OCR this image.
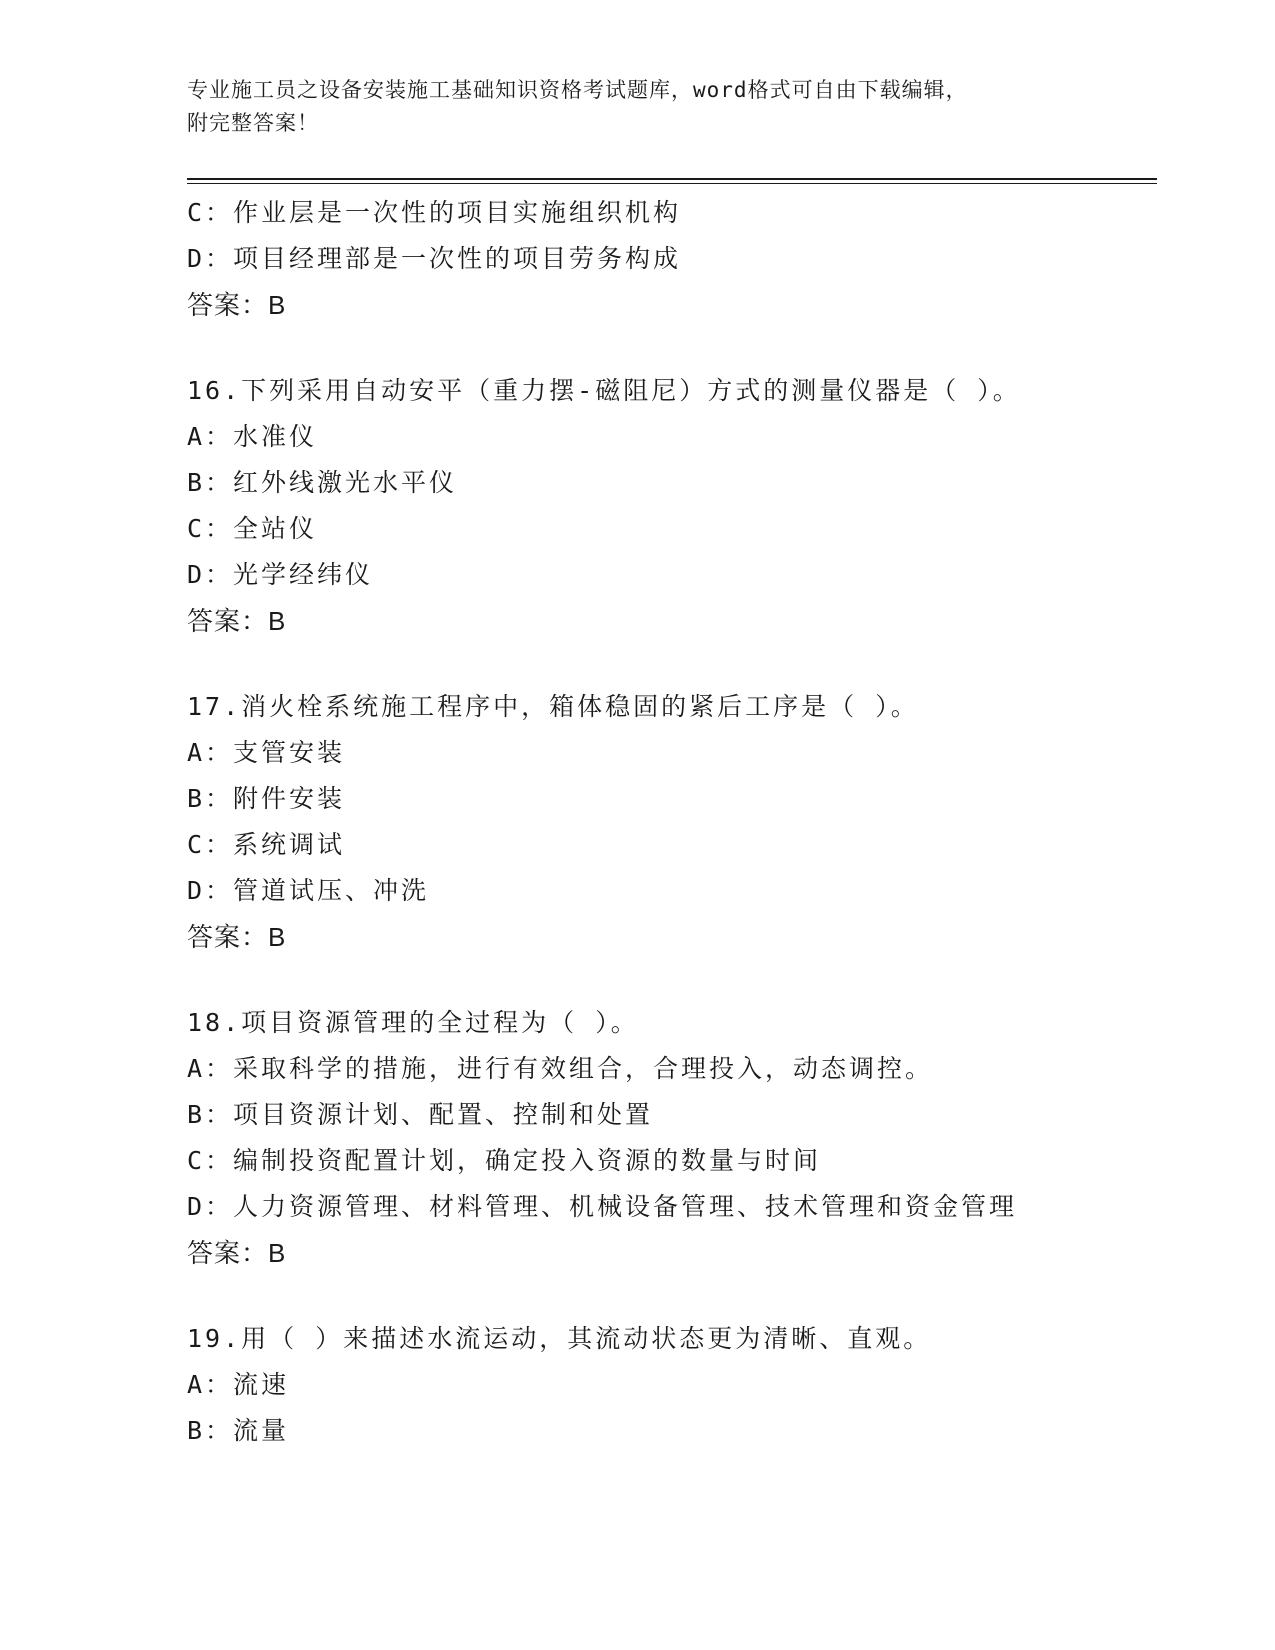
专业施工员之设备安装施工基础知识资格考试题库，word格式可自由下载编辑，
附完整答案！
C：作业层是一次性的项目实施组织机构
D：项目经理部是一次性的项目劳务构成
答案：B
16.下列采用自动安平（重力摆-磁阻尼）方式的测量仪器是（ ）。
A：水准仪
B：红外线激光水平仪
C：全站仪
D：光学经纬仪
答案：B
17.消火栓系统施工程序中，箱体稳固的紧后工序是（ ）。
A：支管安装
B：附件安装
C：系统调试
D：管道试压、冲洗
答案：B
18.项目资源管理的全过程为（ ）。
A：采取科学的措施，进行有效组合，合理投入，动态调控。
B：项目资源计划、配置、控制和处置
C：编制投资配置计划，确定投入资源的数量与时间
D：人力资源管理、材料管理、机械设备管理、技术管理和资金管理
答案：B
19.用（ ）来描述水流运动，其流动状态更为清晰、直观。
A：流速
B：流量
